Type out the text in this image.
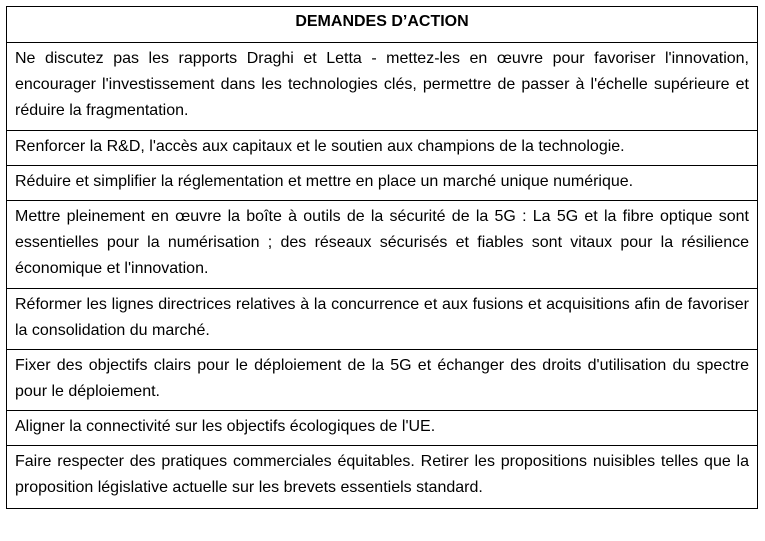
DEMANDES D’ACTION
Ne discutez pas les rapports Draghi et Letta - mettez-les en œuvre pour favoriser l'innovation, encourager l'investissement dans les technologies clés, permettre de passer à l'échelle supérieure et réduire la fragmentation.
Renforcer la R&D, l'accès aux capitaux et le soutien aux champions de la technologie.
Réduire et simplifier la réglementation et mettre en place un marché unique numérique.
Mettre pleinement en œuvre la boîte à outils de la sécurité de la 5G : La 5G et la fibre optique sont essentielles pour la numérisation ; des réseaux sécurisés et fiables sont vitaux pour la résilience économique et l'innovation.
Réformer les lignes directrices relatives à la concurrence et aux fusions et acquisitions afin de favoriser la consolidation du marché.
Fixer des objectifs clairs pour le déploiement de la 5G et échanger des droits d'utilisation du spectre pour le déploiement.
Aligner la connectivité sur les objectifs écologiques de l'UE.
Faire respecter des pratiques commerciales équitables. Retirer les propositions nuisibles telles que la proposition législative actuelle sur les brevets essentiels standard.
